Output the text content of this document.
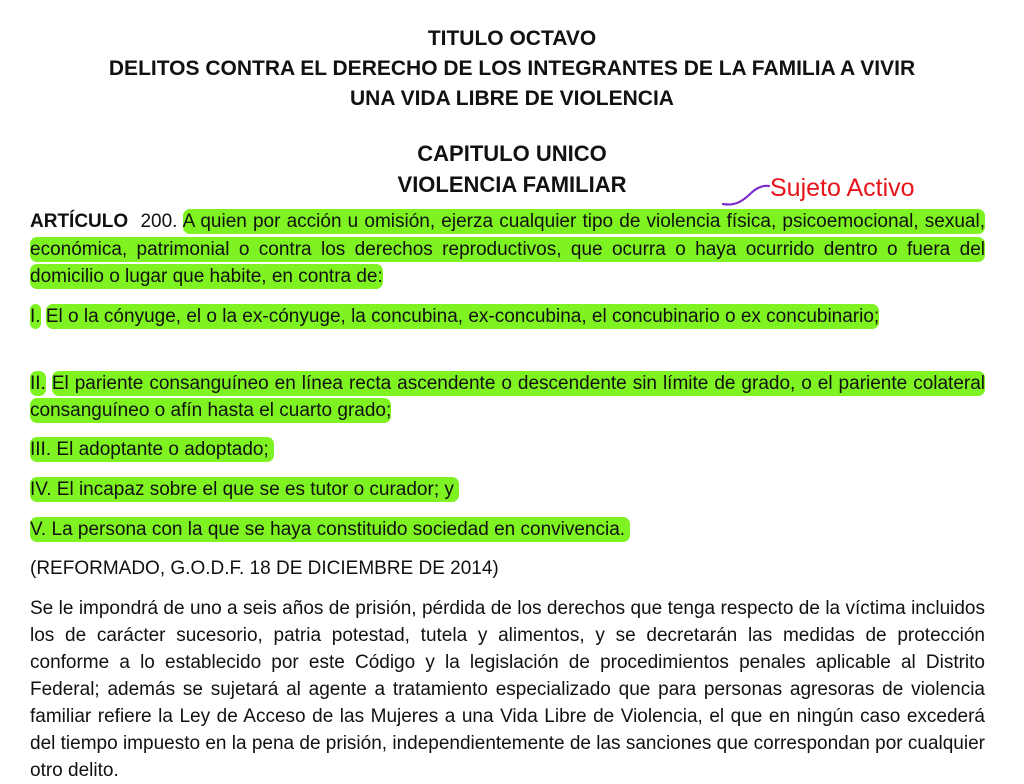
TITULO OCTAVO
DELITOS CONTRA EL DERECHO DE LOS INTEGRANTES DE LA FAMILIA A VIVIR
UNA VIDA LIBRE DE VIOLENCIA
CAPITULO UNICO
VIOLENCIA FAMILIAR	Sujeto Activo
ARTÍCULO 200. A quien por acción u omisión, ejerza cualquier tipo de violencia física, psicoemocional, sexual, económica, patrimonial o contra los derechos reproductivos, que ocurra o haya ocurrido dentro o fuera del domicilio o lugar que habite, en contra de:
I. El o la cónyuge, el o la ex-cónyuge, la concubina, ex-concubina, el concubinario o ex concubinario;
II. El pariente consanguíneo en línea recta ascendente o descendente sin límite de grado, o el pariente colateral consanguíneo o afín hasta el cuarto grado;
III. El adoptante o adoptado;
IV. El incapaz sobre el que se es tutor o curador; y
V. La persona con la que se haya constituido sociedad en convivencia.
(REFORMADO, G.O.D.F. 18 DE DICIEMBRE DE 2014)
Se le impondrá de uno a seis años de prisión, pérdida de los derechos que tenga respecto de la víctima incluidos los de carácter sucesorio, patria potestad, tutela y alimentos, y se decretarán las medidas de protección conforme a lo establecido por este Código y la legislación de procedimientos penales aplicable al Distrito Federal; además se sujetará al agente a tratamiento especializado que para personas agresoras de violencia familiar refiere la Ley de Acceso de las Mujeres a una Vida Libre de Violencia, el que en ningún caso excederá del tiempo impuesto en la pena de prisión, independientemente de las sanciones que correspondan por cualquier otro delito.
